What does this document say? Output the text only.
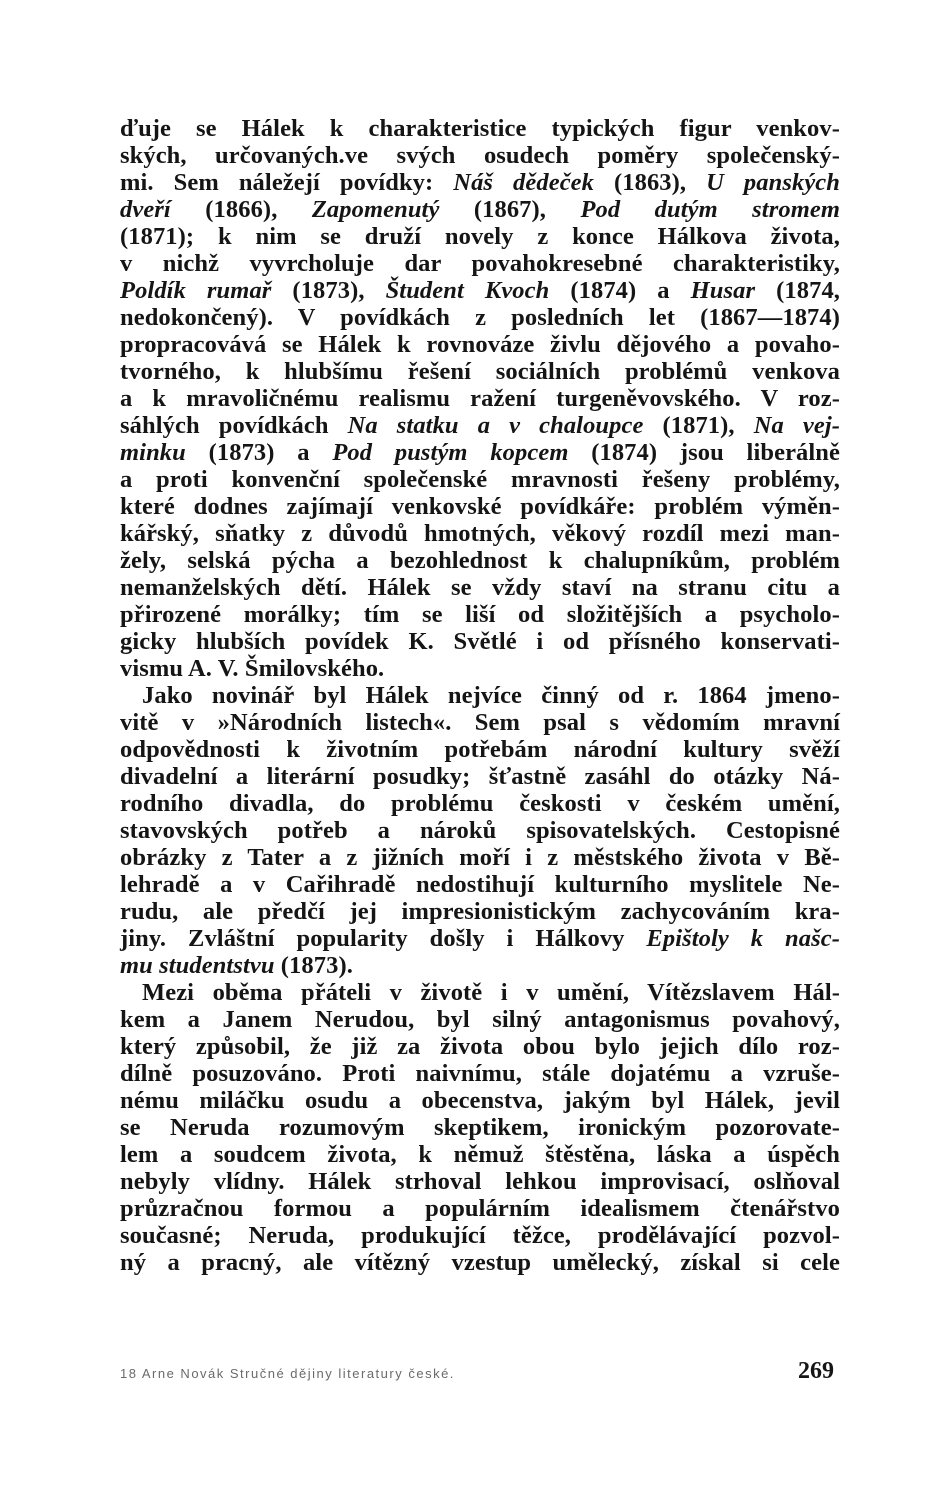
ďuje se Hálek k charakteristice typických figur venkov-
ských, určovaných.ve svých osudech poměry společenský-
mi. Sem náležejí povídky: Náš dědeček (1863), U panských
dveří (1866), Zapomenutý (1867), Pod dutým stromem
(1871); k nim se druží novely z konce Hálkova života,
v nichž vyvrcholuje dar povahokresebné charakteristiky,
Poldík rumař (1873), Študent Kvoch (1874) a Husar (1874,
nedokončený). V povídkách z posledních let (1867—1874)
propracovává se Hálek k rovnováze živlu dějového a povaho-
tvorného, k hlubšímu řešení sociálních problémů venkova
a k mravoličnému realismu ražení turgeněvovského. V roz-
sáhlých povídkách Na statku a v chaloupce (1871), Na vej-
minku (1873) a Pod pustým kopcem (1874) jsou liberálně
a proti konvenční společenské mravnosti řešeny problémy,
které dodnes zajímají venkovské povídkáře: problém výměn-
kářský, sňatky z důvodů hmotných, věkový rozdíl mezi man-
žely, selská pýcha a bezohlednost k chalupníkům, problém
nemanželských dětí. Hálek se vždy staví na stranu citu a
přirozené morálky; tím se liší od složitějších a psycholo-
gicky hlubších povídek K. Světlé i od přísného konservati-
vismu A. V. Šmilovského.
Jako novinář byl Hálek nejvíce činný od r. 1864 jmeno-
vitě v »Národních listech«. Sem psal s vědomím mravní
odpovědnosti k životním potřebám národní kultury svěží
divadelní a literární posudky; šťastně zasáhl do otázky Ná-
rodního divadla, do problému českosti v českém umění,
stavovských potřeb a nároků spisovatelských. Cestopisné
obrázky z Tater a z jižních moří i z městského života v Bě-
lehradě a v Cařihradě nedostihují kulturního myslitele Ne-
rudu, ale předčí jej impresionistickým zachycováním kra-
jiny. Zvláštní popularity došly i Hálkovy Epištoly k našc-
mu studentstvu (1873).
Mezi oběma přáteli v životě i v umění, Vítězslavem Hál-
kem a Janem Nerudou, byl silný antagonismus povahový,
který způsobil, že již za života obou bylo jejich dílo roz-
dílně posuzováno. Proti naivnímu, stále dojatému a vzruše-
nému miláčku osudu a obecenstva, jakým byl Hálek, jevil
se Neruda rozumovým skeptikem, ironickým pozorovate-
lem a soudcem života, k němuž štěstěna, láska a úspěch
nebyly vlídny. Hálek strhoval lehkou improvisací, oslňoval
průzračnou formou a populárním idealismem čtenářstvo
současné; Neruda, produkující těžce, prodělávající pozvol-
ný a pracný, ale vítězný vzestup umělecký, získal si cele
18 Arne Novák Stručné dějiny literatury české.	269
